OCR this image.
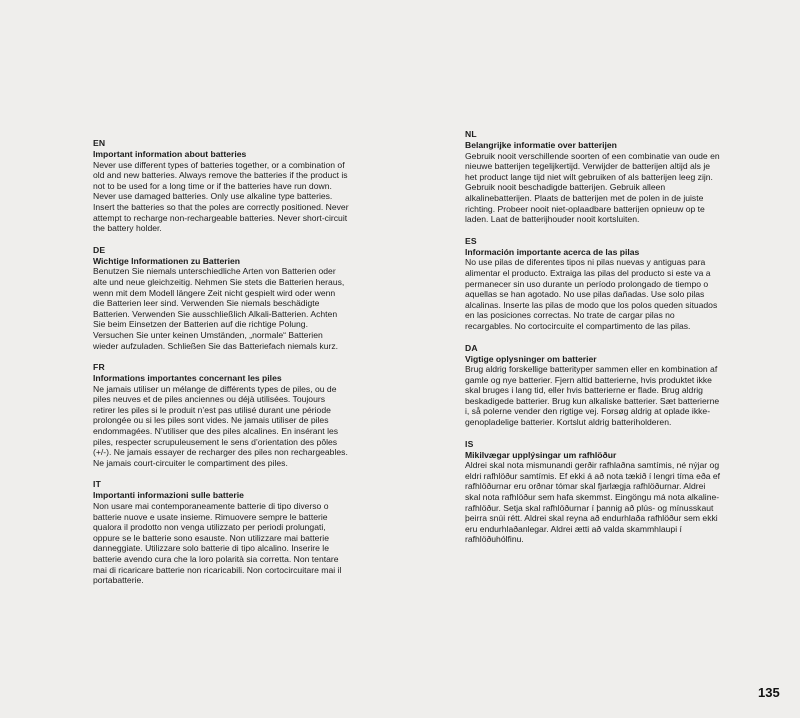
EN
Important information about batteries

Never use different types of batteries together, or a combination of old and new batteries. Always remove the batteries if the product is not to be used for a long time or if the batteries have run down. Never use damaged batteries. Only use alkaline type batteries. Insert the batteries so that the poles are correctly positioned. Never attempt to recharge non-rechargeable batteries. Never short-circuit the battery holder.

DE
Wichtige Informationen zu Batterien

Benutzen Sie niemals unterschiedliche Arten von Batterien oder alte und neue gleichzeitig. Nehmen Sie stets die Batterien heraus, wenn mit dem Modell längere Zeit nicht gespielt wird oder wenn die Batterien leer sind. Verwenden Sie niemals beschädigte Batterien. Verwenden Sie ausschließlich Alkali-Batterien. Achten Sie beim Einsetzen der Batterien auf die richtige Polung. Versuchen Sie unter keinen Umständen, „normale“ Batterien wieder aufzuladen. Schließen Sie das Batteriefach niemals kurz.

FR
Informations importantes concernant les piles

Ne jamais utiliser un mélange de différents types de piles, ou de piles neuves et de piles anciennes ou déjà utilisées. Toujours retirer les piles si le produit n’est pas utilisé durant une période prolongée ou si les piles sont vides. Ne jamais utiliser de piles endommagées. N’utiliser que des piles alcalines. En insérant les piles, respecter scrupuleusement le sens d’orientation des pôles (+/-). Ne jamais essayer de recharger des piles non rechargeables. Ne jamais court-circuiter le compartiment des piles.

IT
Importanti informazioni sulle batterie

Non usare mai contemporaneamente batterie di tipo diverso o batterie nuove e usate insieme. Rimuovere sempre le batterie qualora il prodotto non venga utilizzato per periodi prolungati, oppure se le batterie sono esauste. Non utilizzare mai batterie danneggiate. Utilizzare solo batterie di tipo alcalino. Inserire le batterie avendo cura che la loro polarità sia corretta. Non tentare mai di ricaricare batterie non ricaricabili. Non cortocircuitare mai il portabatterie.

NL
Belangrijke informatie over batterijen

Gebruik nooit verschillende soorten of een combinatie van oude en nieuwe batterijen tegelijkertijd. Verwijder de batterijen altijd als je het product lange tijd niet wilt gebruiken of als batterijen leeg zijn. Gebruik nooit beschadigde batterijen. Gebruik alleen alkalinebatterijen. Plaats de batterijen met de polen in de juiste richting. Probeer nooit niet-oplaadbare batterijen opnieuw op te laden. Laat de batterijhouder nooit kortsluiten.

ES
Información importante acerca de las pilas

No use pilas de diferentes tipos ni pilas nuevas y antiguas para alimentar el producto. Extraiga las pilas del producto si este va a permanecer sin uso durante un período prolongado de tiempo o aquellas se han agotado. No use pilas dañadas. Use solo pilas alcalinas. Inserte las pilas de modo que los polos queden situados en las posiciones correctas. No trate de cargar pilas no recargables. No cortocircuite el compartimento de las pilas.

DA
Vigtige oplysninger om batterier

Brug aldrig forskellige batterityper sammen eller en kombination af gamle og nye batterier. Fjern altid batterierne, hvis produktet ikke skal bruges i lang tid, eller hvis batterierne er flade. Brug aldrig beskadigede batterier. Brug kun alkaliske batterier. Sæt batterierne i, så polerne vender den rigtige vej. Forsøg aldrig at oplade ikke-genopladelige batterier. Kortslut aldrig batteriholderen.

IS
Mikilvægar upplýsingar um rafhlöður

Aldrei skal nota mismunandi gerðir rafhlaðna samtímis, né nýjar og eldri rafhlöður samtímis. Ef ekki á að nota tækið í lengri tíma eða ef rafhlöðurnar eru orðnar tómar skal fjarlægja rafhlöðurnar. Aldrei skal nota rafhlöður sem hafa skemmst. Eingöngu má nota alkaline-rafhlöður. Setja skal rafhlöðurnar í þannig að plús- og mínusskaut þeirra snúi rétt. Aldrei skal reyna að endurhlaða rafhlöður sem ekki eru endurhlaðanlegar. Aldrei ætti að valda skammhlaupi í rafhlöðuhólfinu.

135
